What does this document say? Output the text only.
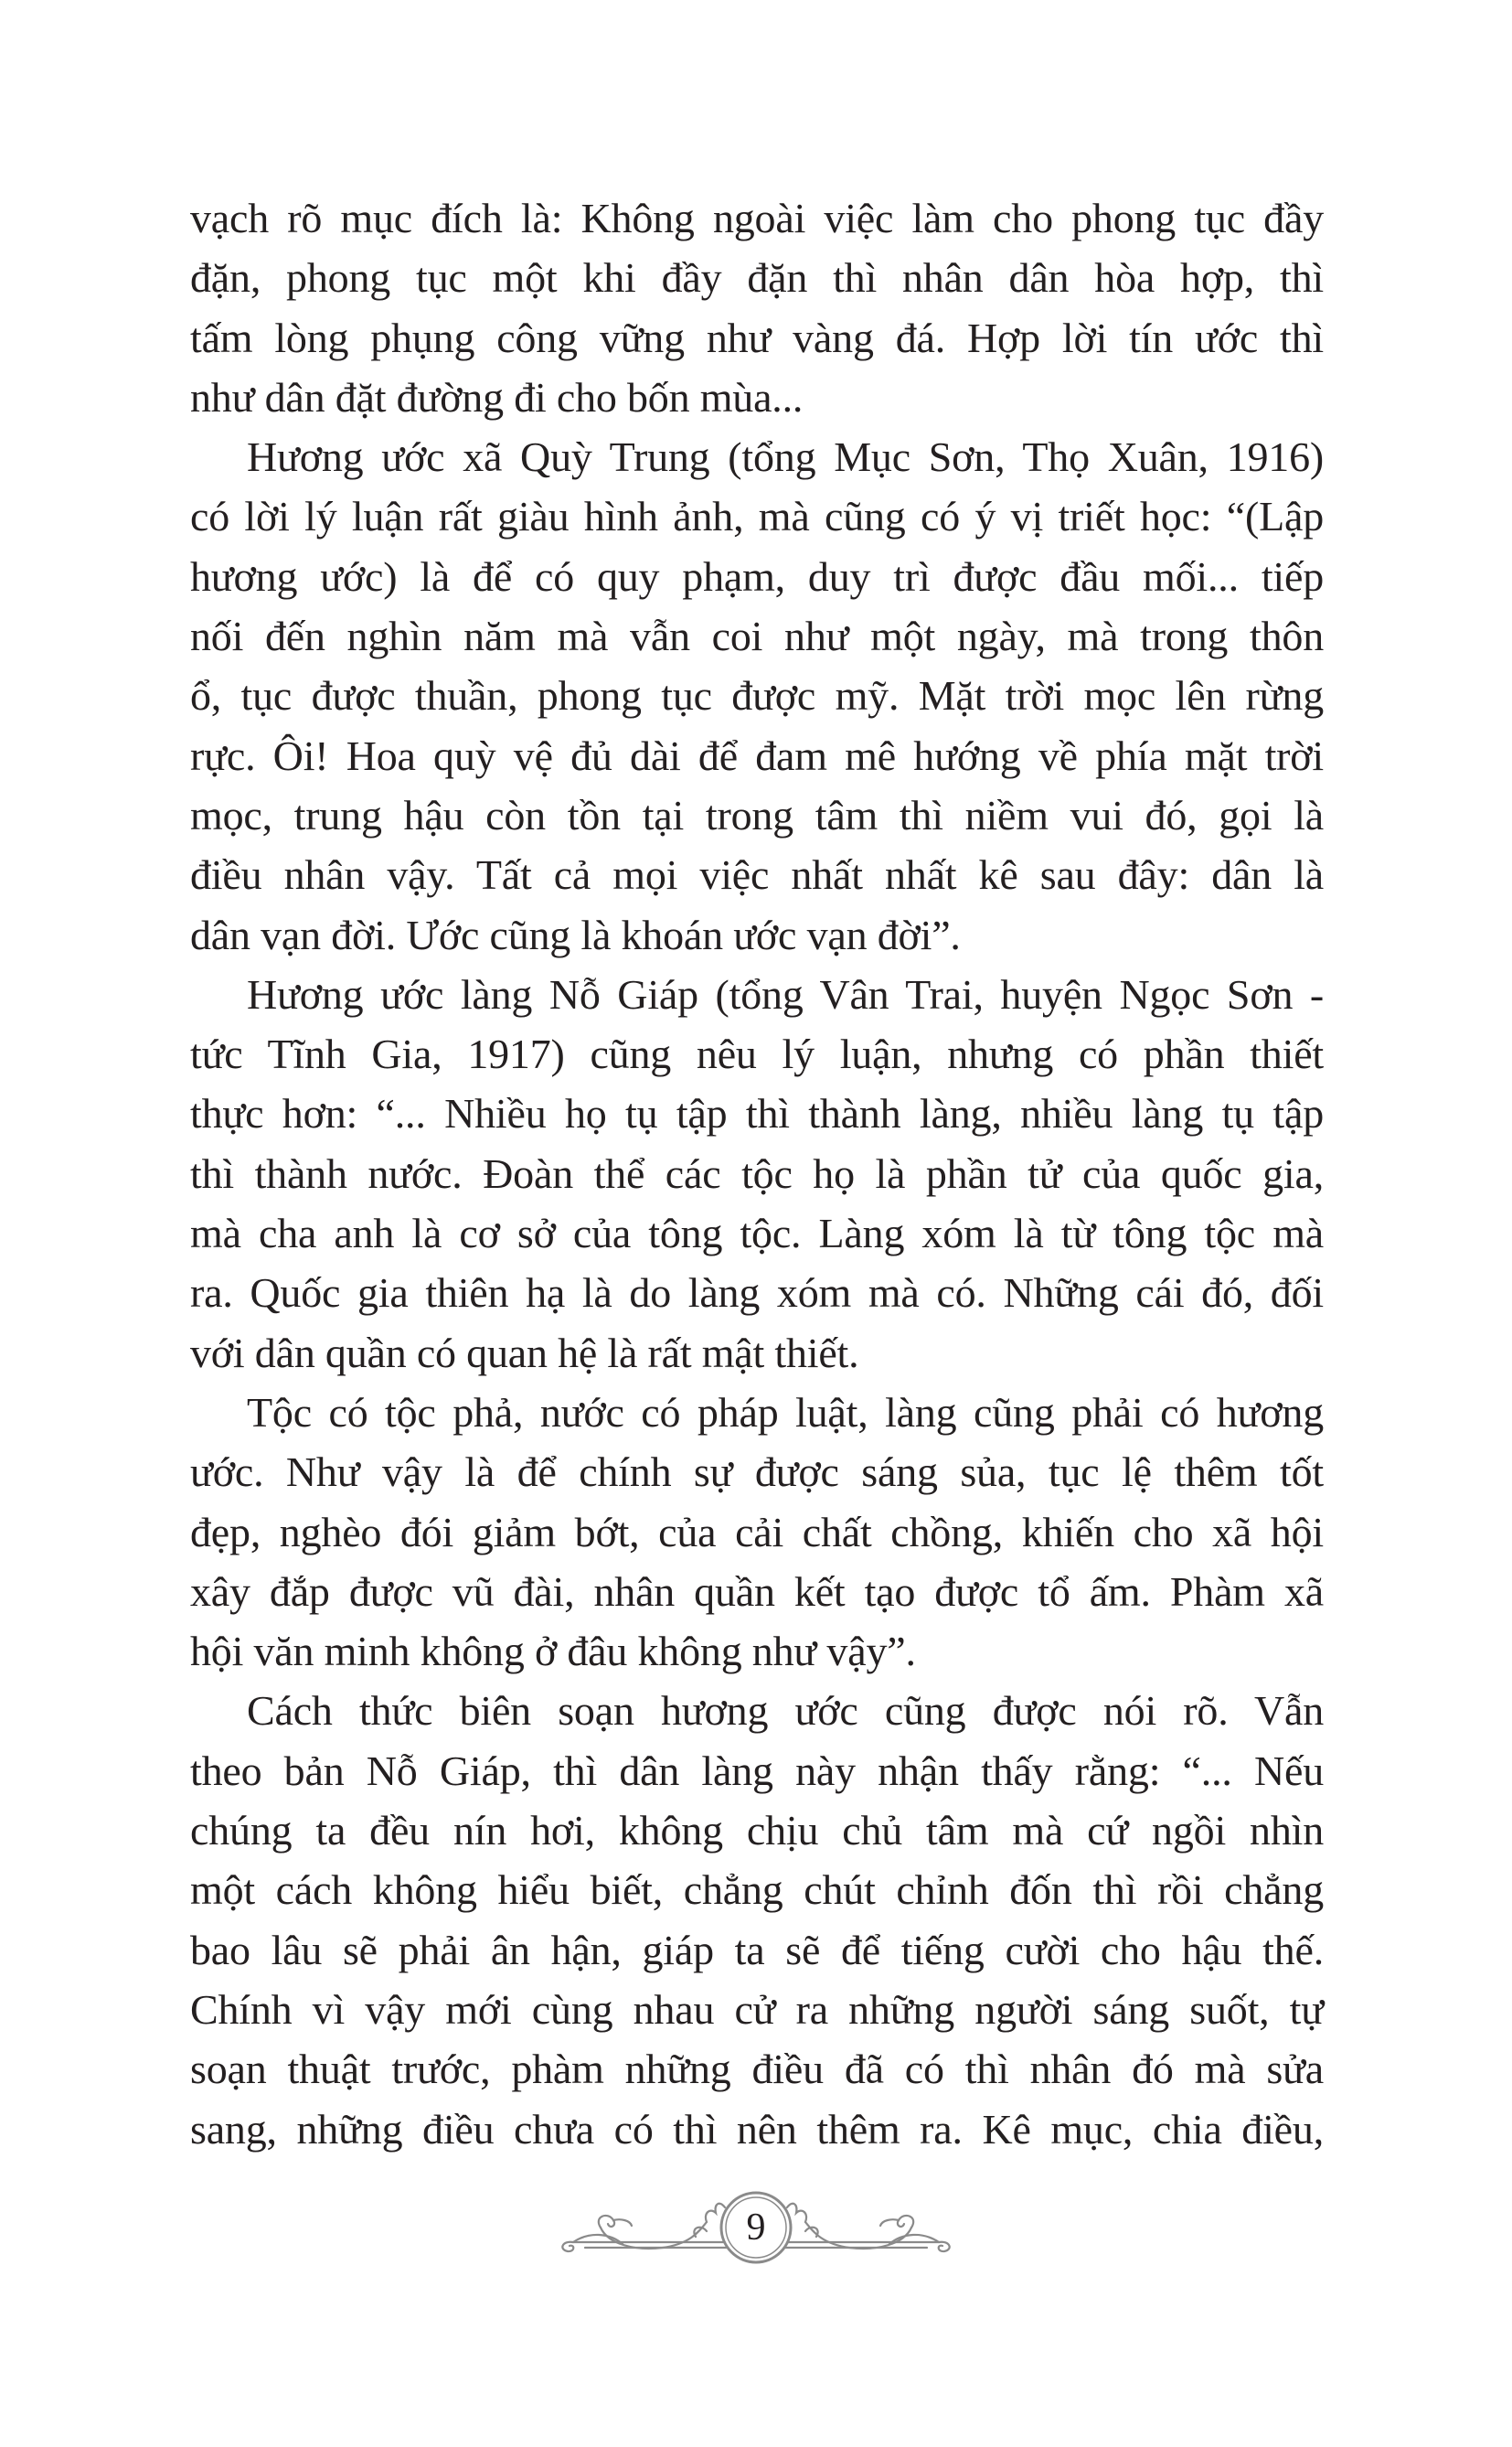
vạch rõ mục đích là: Không ngoài việc làm cho phong tục đầy
đặn, phong tục một khi đầy đặn thì nhân dân hòa hợp, thì
tấm lòng phụng công vững như vàng đá. Hợp lời tín ước thì
như dân đặt đường đi cho bốn mùa...
Hương ước xã Quỳ Trung (tổng Mục Sơn, Thọ Xuân, 1916)
có lời lý luận rất giàu hình ảnh, mà cũng có ý vị triết học: “(Lập
hương ước) là để có quy phạm, duy trì được đầu mối... tiếp
nối đến nghìn năm mà vẫn coi như một ngày, mà trong thôn
ổ, tục được thuần, phong tục được mỹ. Mặt trời mọc lên rừng
rực. Ôi! Hoa quỳ vệ đủ dài để đam mê hướng về phía mặt trời
mọc, trung hậu còn tồn tại trong tâm thì niềm vui đó, gọi là
điều nhân vậy. Tất cả mọi việc nhất nhất kê sau đây: dân là
dân vạn đời. Ước cũng là khoán ước vạn đời”.
Hương ước làng Nỗ Giáp (tổng Vân Trai, huyện Ngọc Sơn -
tức Tĩnh Gia, 1917) cũng nêu lý luận, nhưng có phần thiết
thực hơn: “... Nhiều họ tụ tập thì thành làng, nhiều làng tụ tập
thì thành nước. Đoàn thể các tộc họ là phần tử của quốc gia,
mà cha anh là cơ sở của tông tộc. Làng xóm là từ tông tộc mà
ra. Quốc gia thiên hạ là do làng xóm mà có. Những cái đó, đối
với dân quần có quan hệ là rất mật thiết.
Tộc có tộc phả, nước có pháp luật, làng cũng phải có hương
ước. Như vậy là để chính sự được sáng sủa, tục lệ thêm tốt
đẹp, nghèo đói giảm bớt, của cải chất chồng, khiến cho xã hội
xây đắp được vũ đài, nhân quần kết tạo được tổ ấm. Phàm xã
hội văn minh không ở đâu không như vậy”.
Cách thức biên soạn hương ước cũng được nói rõ. Vẫn
theo bản Nỗ Giáp, thì dân làng này nhận thấy rằng: “... Nếu
chúng ta đều nín hơi, không chịu chủ tâm mà cứ ngồi nhìn
một cách không hiểu biết, chẳng chút chỉnh đốn thì rồi chẳng
bao lâu sẽ phải ân hận, giáp ta sẽ để tiếng cười cho hậu thế.
Chính vì vậy mới cùng nhau cử ra những người sáng suốt, tự
soạn thuật trước, phàm những điều đã có thì nhân đó mà sửa
sang, những điều chưa có thì nên thêm ra. Kê mục, chia điều,
9
